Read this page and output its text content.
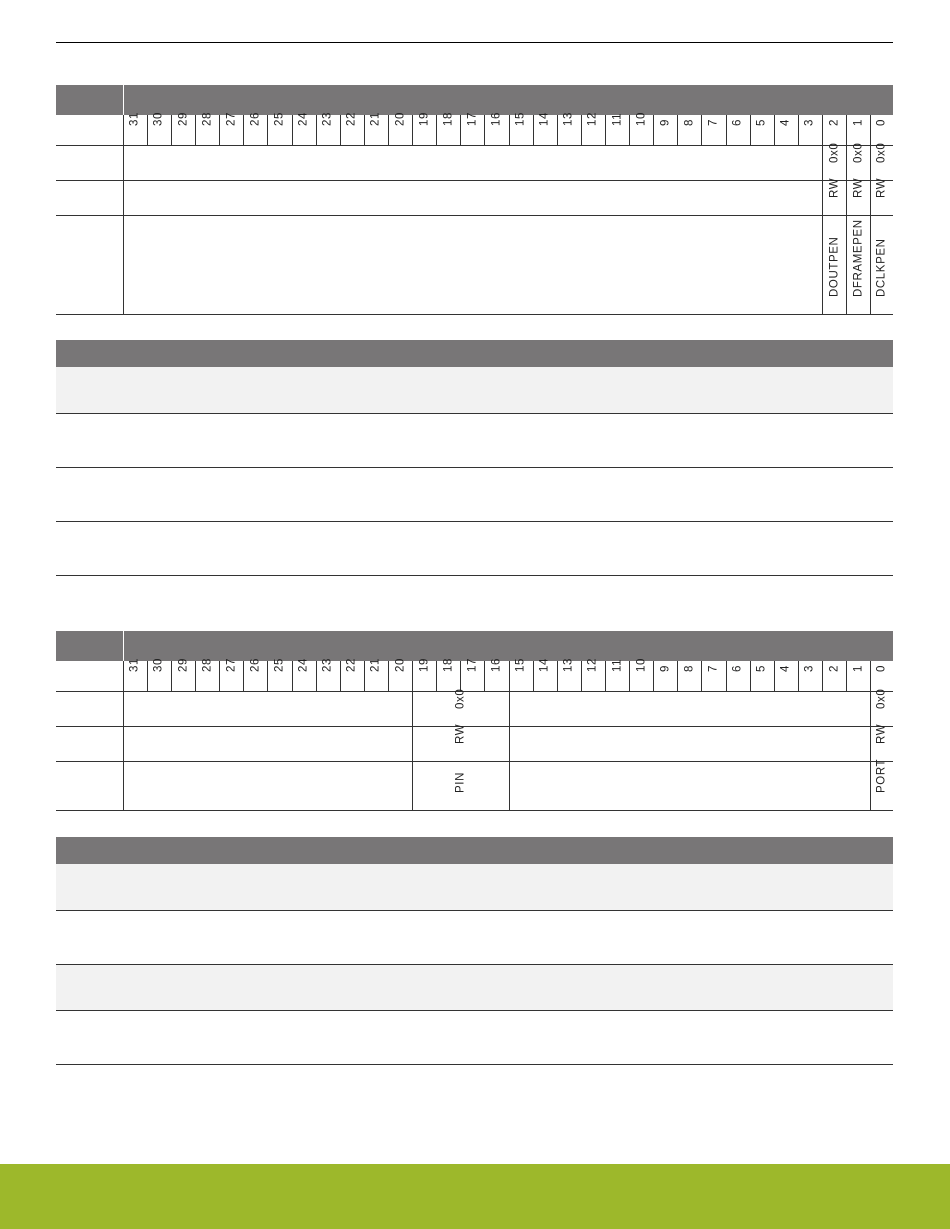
	31	30	29	28	27	26	25	24	23	22	21	20	19	18	17	16	15	14	13	12	11	10	9	8	7	6	5	4	3	2	1	0

																														0x0	0x0	0x0

																														RW	RW	RW

																														DOUTPEN	DFRAMEPEN	DCLKPEN

	31	30	29	28	27	26	25	24	23	22	21	20	19	18	17	16	15	14	13	12	11	10	9	8	7	6	5	4	3	2	1	0

													0x0																			0x0

													RW																			RW

													PIN																			PORT
